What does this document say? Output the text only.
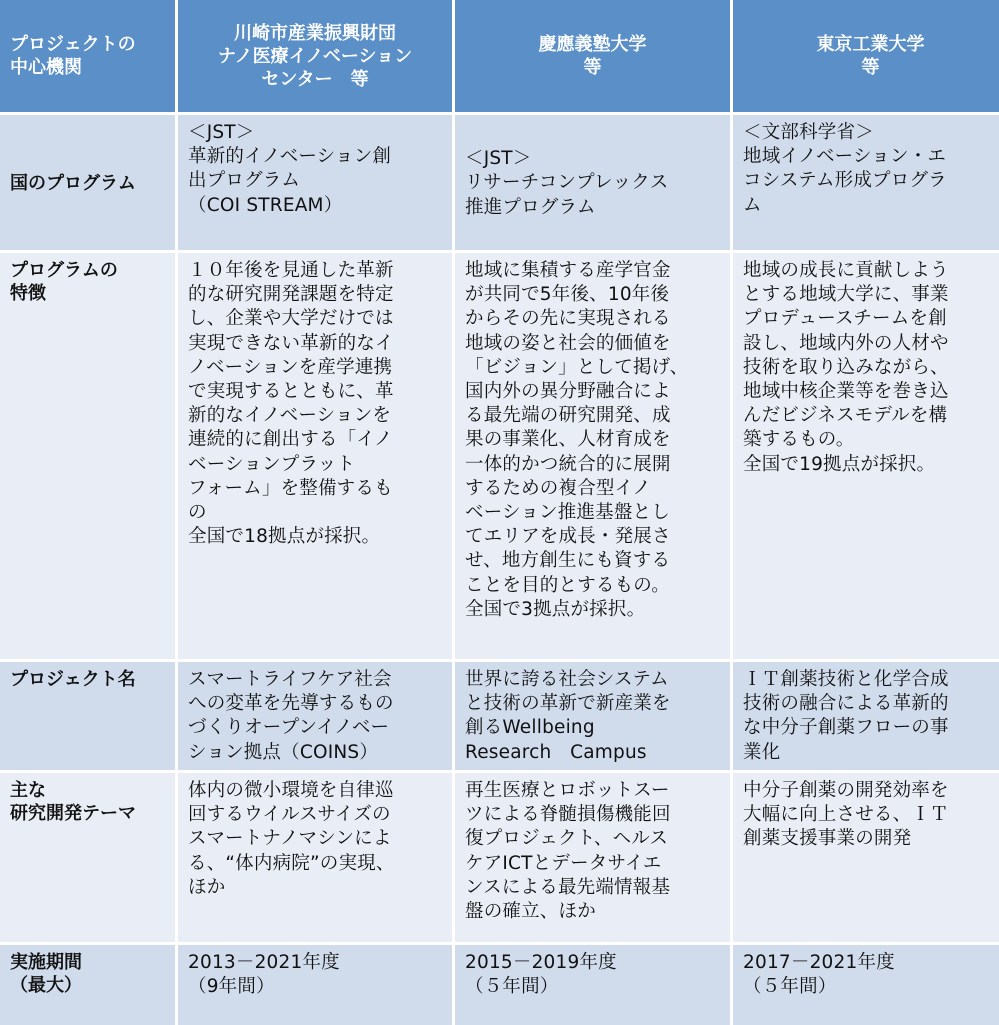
プロジェクトの
中心機関
川崎市産業振興財団
ナノ医療イノベーション
センター　等
慶應義塾大学
等
東京工業大学
等
国のプログラム
＜JST＞
革新的イノベーション創
出プログラム
（COI STREAM）
＜JST＞
リサーチコンプレックス
推進プログラム
＜文部科学省＞
地域イノベーション・エ
コシステム形成プログラ
ム
プログラムの
特徴
１０年後を見通した革新
的な研究開発課題を特定
し、企業や大学だけでは
実現できない革新的なイ
ノベーションを産学連携
で実現するとともに、革
新的なイノベーションを
連続的に創出する「イノ
ベーションプラット
フォーム」を整備するも
の
全国で18拠点が採択。
地域に集積する産学官金
が共同で5年後、10年後
からその先に実現される
地域の姿と社会的価値を
「ビジョン」として掲げ、
国内外の異分野融合によ
る最先端の研究開発、成
果の事業化、人材育成を
一体的かつ統合的に展開
するための複合型イノ
ベーション推進基盤とし
てエリアを成長・発展さ
せ、地方創生にも資する
ことを目的とするもの。
全国で3拠点が採択。
地域の成長に貢献しよう
とする地域大学に、事業
プロデュースチームを創
設し、地域内外の人材や
技術を取り込みながら、
地域中核企業等を巻き込
んだビジネスモデルを構
築するもの。
全国で19拠点が採択。
プロジェクト名	スマートライフケア社会
への変革を先導するもの
づくりオープンイノベー
ション拠点（COINS）
世界に誇る社会システム
と技術の革新で新産業を
創るWellbeing
Research　Campus
ＩＴ創薬技術と化学合成
技術の融合による革新的
な中分子創薬フローの事
業化
主な
研究開発テーマ
体内の微小環境を自律巡
回するウイルスサイズの
スマートナノマシンによ
る、“体内病院”の実現、
ほか
再生医療とロボットスー
ツによる脊髄損傷機能回
復プロジェクト、ヘルス
ケアICTとデータサイエ
ンスによる最先端情報基
盤の確立、ほか
中分子創薬の開発効率を
大幅に向上させる、ＩＴ
創薬支援事業の開発
実施期間
（最大）
2013－2021年度
（9年間）
2015－2019年度
（５年間）
2017－2021年度
（５年間）
